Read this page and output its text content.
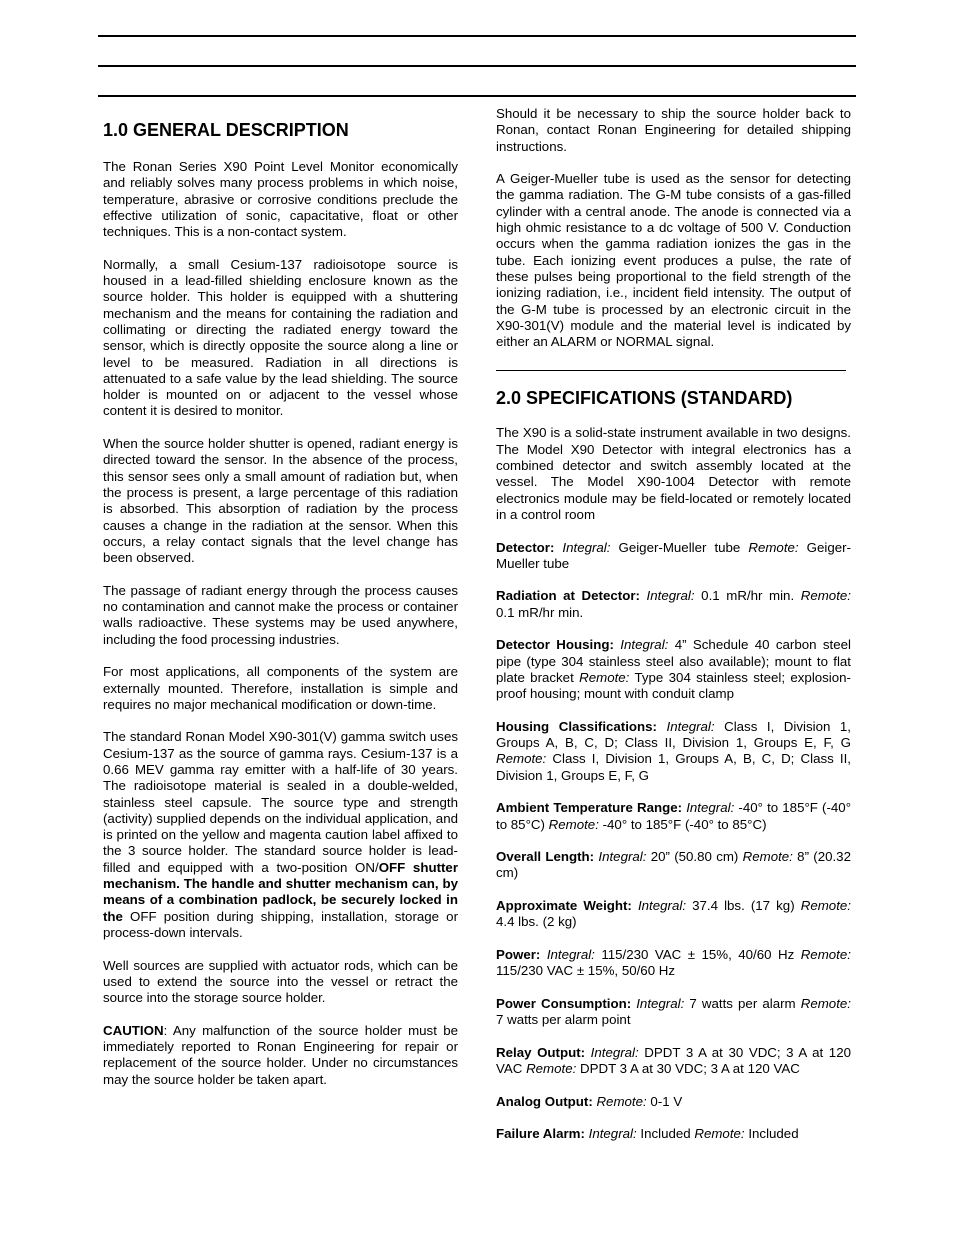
1.0 GENERAL DESCRIPTION

The Ronan Series X90 Point Level Monitor economically and reliably solves many process problems in which noise, temperature, abrasive or corrosive conditions preclude the effective utilization of sonic, capacitative, float or other techniques. This is a non-contact system.

Normally, a small Cesium-137 radioisotope source is housed in a lead-filled shielding enclosure known as the source holder. This holder is equipped with a shuttering mechanism and the means for containing the radiation and collimating or directing the radiated energy toward the sensor, which is directly opposite the source along a line or level to be measured. Radiation in all directions is attenuated to a safe value by the lead shielding. The source holder is mounted on or adjacent to the vessel whose content it is desired to monitor.

When the source holder shutter is opened, radiant energy is directed toward the sensor. In the absence of the process, this sensor sees only a small amount of radiation but, when the process is present, a large percentage of this radiation is absorbed. This absorption of radiation by the process causes a change in the radiation at the sensor. When this occurs, a relay contact signals that the level change has been observed.

The passage of radiant energy through the process causes no contamination and cannot make the process or container walls radioactive. These systems may be used anywhere, including the food processing industries.

For most applications, all components of the system are externally mounted. Therefore, installation is simple and requires no major mechanical modification or down-time.

The standard Ronan Model X90-301(V) gamma switch uses Cesium-137 as the source of gamma rays. Cesium-137 is a 0.66 MEV gamma ray emitter with a half-life of 30 years. The radioisotope material is sealed in a double-welded, stainless steel capsule. The source type and strength (activity) supplied depends on the individual application, and is printed on the yellow and magenta caution label affixed to the 3 source holder. The standard source holder is lead-filled and equipped with a two-position ON/OFF shutter mechanism. The handle and shutter mechanism can, by means of a combination padlock, be securely locked in the OFF position during shipping, installation, storage or process-down intervals.

Well sources are supplied with actuator rods, which can be used to extend the source into the vessel or retract the source into the storage source holder.

CAUTION: Any malfunction of the source holder must be immediately reported to Ronan Engineering for repair or replacement of the source holder. Under no circumstances may the source holder be taken apart.

Should it be necessary to ship the source holder back to Ronan, contact Ronan Engineering for detailed shipping instructions.

A Geiger-Mueller tube is used as the sensor for detecting the gamma radiation. The G-M tube consists of a gas-filled cylinder with a central anode. The anode is connected via a high ohmic resistance to a dc voltage of 500 V. Conduction occurs when the gamma radiation ionizes the gas in the tube. Each ionizing event produces a pulse, the rate of these pulses being proportional to the field strength of the ionizing radiation, i.e., incident field intensity. The output of the G-M tube is processed by an electronic circuit in the X90-301(V) module and the material level is indicated by either an ALARM or NORMAL signal.

2.0 SPECIFICATIONS (STANDARD)

The X90 is a solid-state instrument available in two designs. The Model X90 Detector with integral electronics has a combined detector and switch assembly located at the vessel. The Model X90-1004 Detector with remote electronics module may be field-located or remotely located in a control room

Detector: Integral: Geiger-Mueller tube Remote: Geiger-Mueller tube

Radiation at Detector: Integral: 0.1 mR/hr min. Remote: 0.1 mR/hr min.

Detector Housing: Integral: 4” Schedule 40 carbon steel pipe (type 304 stainless steel also available); mount to flat plate bracket Remote: Type 304 stainless steel; explosion-proof housing; mount with conduit clamp

Housing Classifications: Integral: Class I, Division 1, Groups A, B, C, D; Class II, Division 1, Groups E, F, G Remote: Class I, Division 1, Groups A, B, C, D; Class II, Division 1, Groups E, F, G

Ambient Temperature Range: Integral: -40° to 185°F (-40° to 85°C) Remote: -40° to 185°F (-40° to 85°C)

Overall Length: Integral: 20” (50.80 cm) Remote: 8” (20.32 cm)

Approximate Weight: Integral: 37.4 lbs. (17 kg) Remote: 4.4 lbs. (2 kg)

Power: Integral: 115/230 VAC ± 15%, 40/60 Hz Remote: 115/230 VAC ± 15%, 50/60 Hz

Power Consumption: Integral: 7 watts per alarm Remote: 7 watts per alarm point

Relay Output: Integral: DPDT 3 A at 30 VDC; 3 A at 120 VAC Remote: DPDT 3 A at 30 VDC; 3 A at 120 VAC

Analog Output: Remote: 0-1 V

Failure Alarm: Integral: Included Remote: Included
